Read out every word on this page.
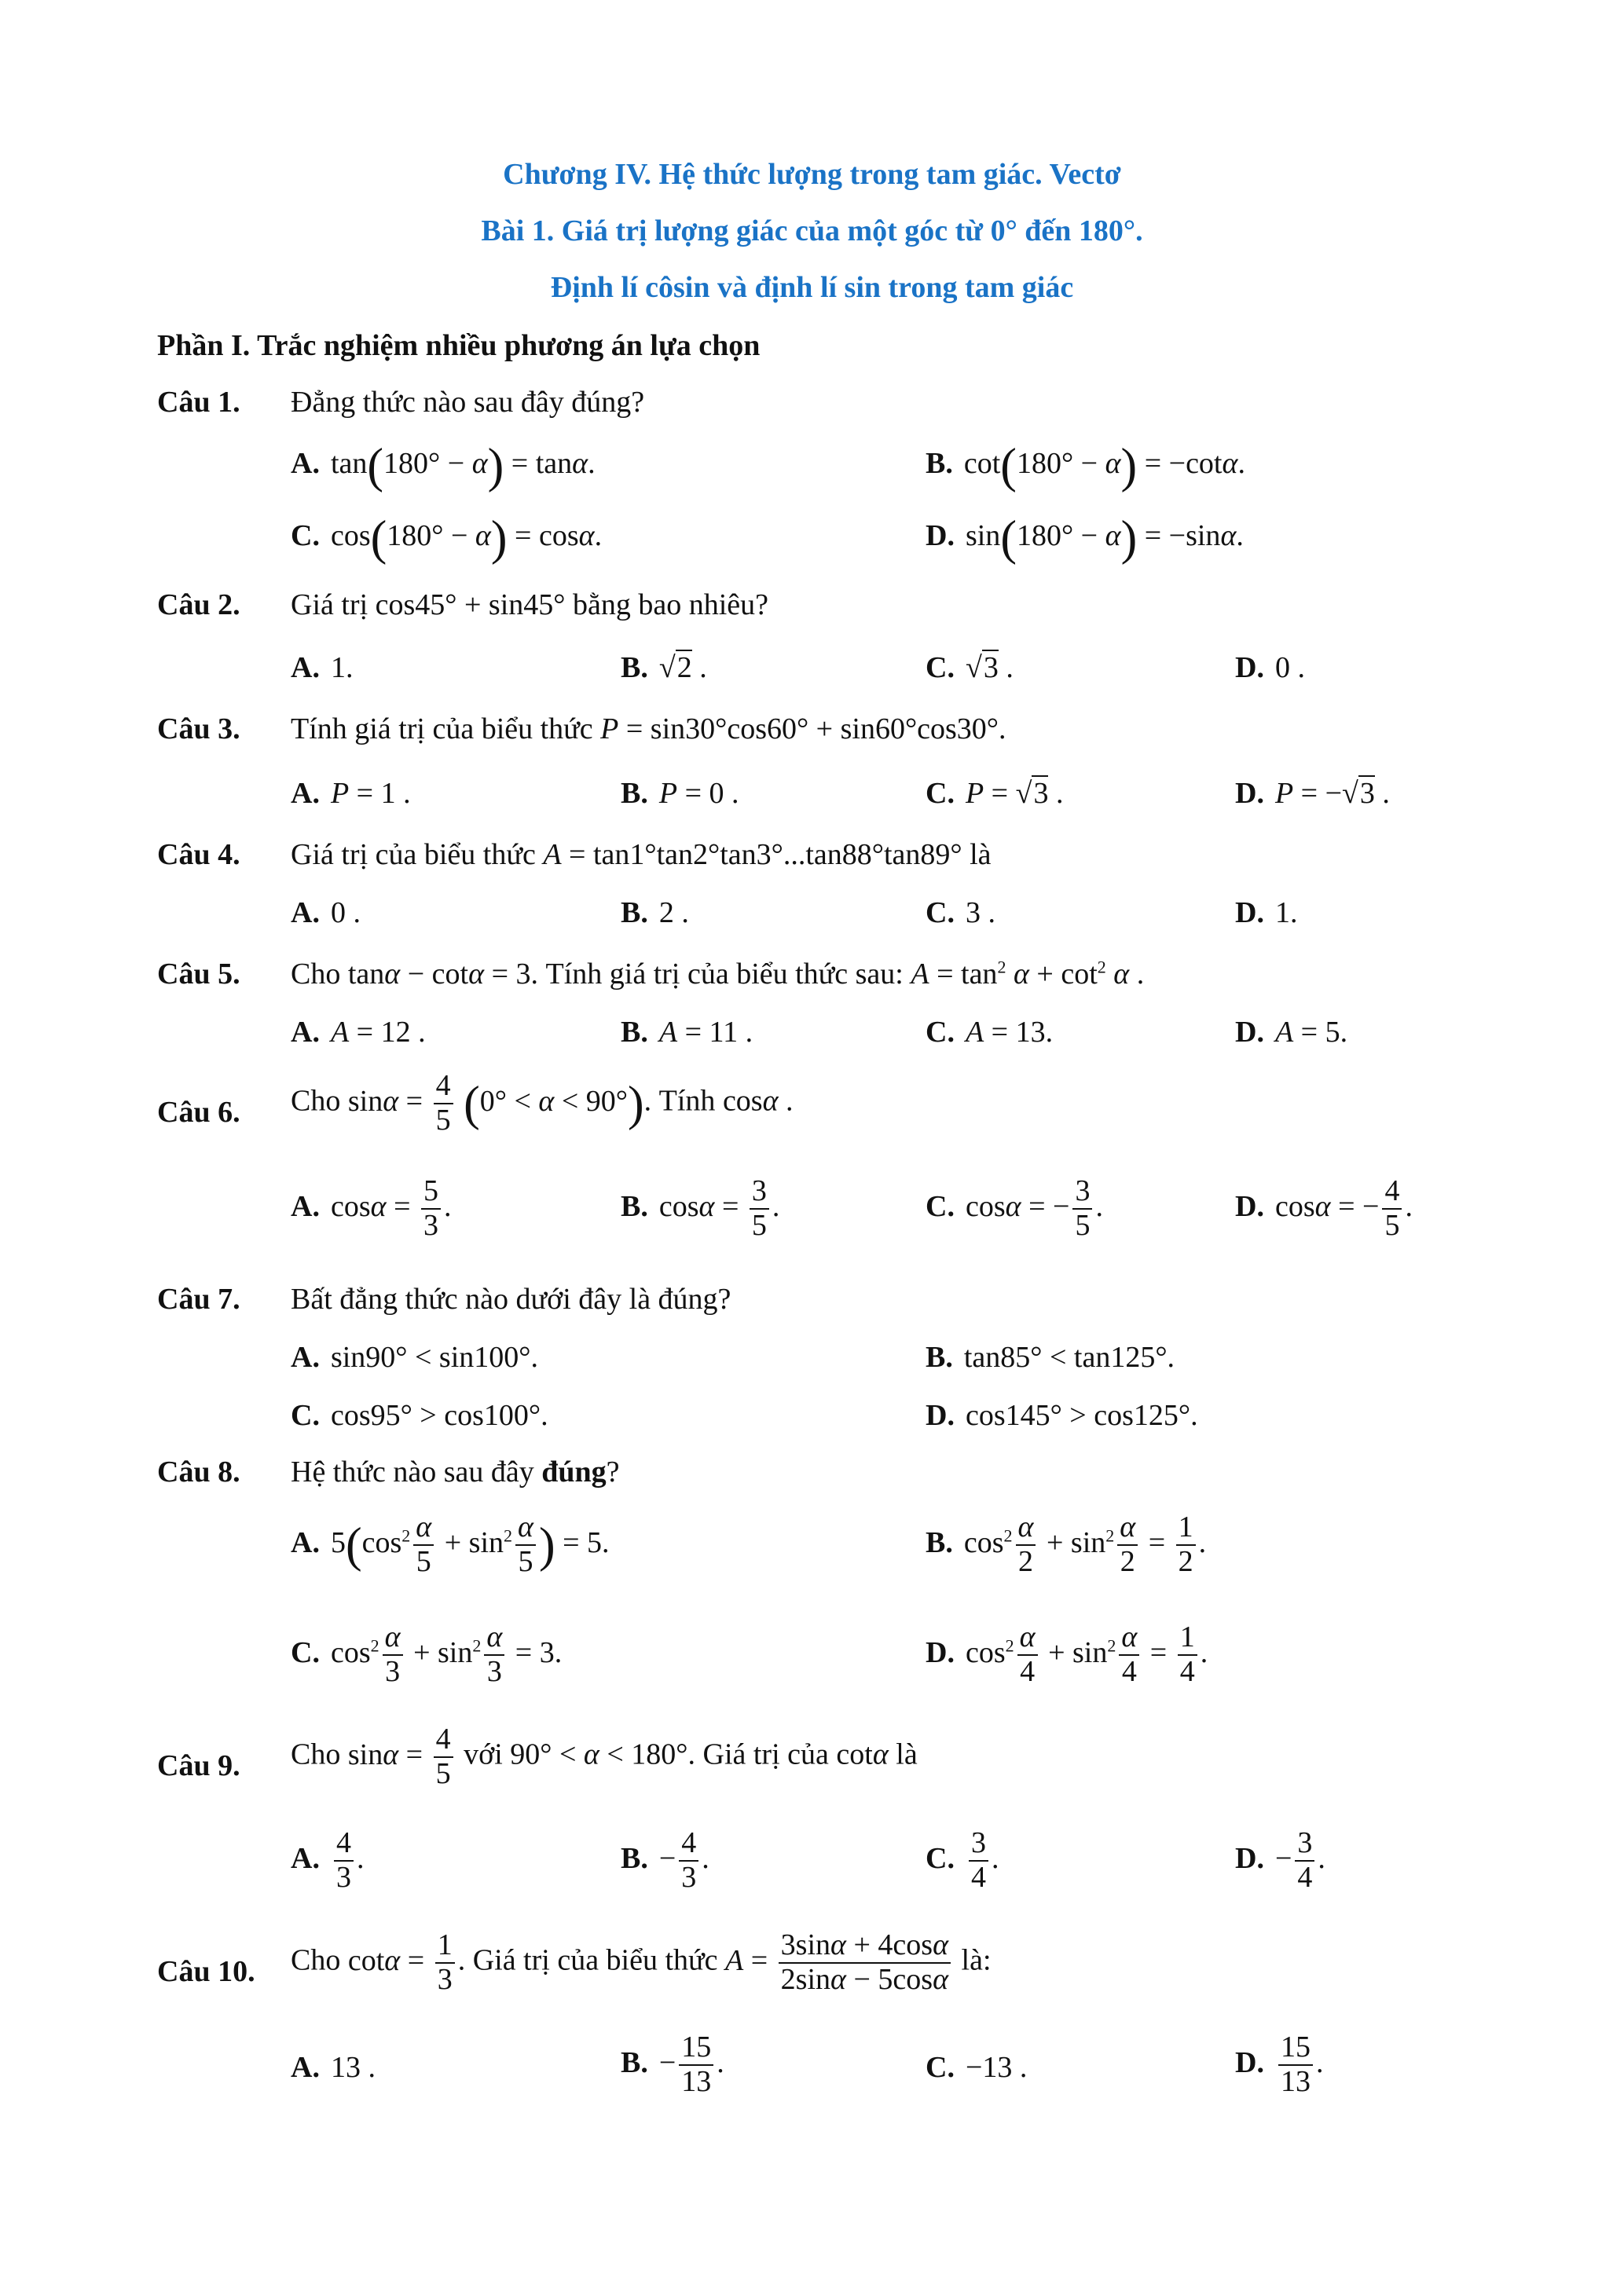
Chương IV. Hệ thức lượng trong tam giác. Vectơ
Bài 1. Giá trị lượng giác của một góc từ 0° đến 180°.
Định lí côsin và định lí sin trong tam giác
Phần I. Trắc nghiệm nhiều phương án lựa chọn
Câu 1. Đẳng thức nào sau đây đúng?
A. tan(180° − α) = tanα.	B. cot(180° − α) = −cotα.
C. cos(180° − α) = cosα.	D. sin(180° − α) = −sinα.
Câu 2. Giá trị cos45° + sin45° bằng bao nhiêu?
A. 1.	B. √2 .	C. √3 .	D. 0 .
Câu 3. Tính giá trị của biểu thức P = sin30°cos60° + sin60°cos30°.
A. P = 1 .	B. P = 0 .	C. P = √3 .	D. P = −√3 .
Câu 4. Giá trị của biểu thức A = tan1°tan2°tan3°...tan88°tan89° là
A. 0 .	B. 2 .	C. 3 .	D. 1.
Câu 5. Cho tanα − cotα = 3. Tính giá trị của biểu thức sau: $A = \tan^2 \alpha + \cot^2 \alpha$ .
A. A = 12 .	B. A = 11 .	C. A = 13.	D. A = 5.
Câu 6. Cho $\sin\alpha = \frac{4}{5} (0^\circ < \alpha < 90^\circ)$. Tính cosα .
A. $\cos\alpha = \frac{5}{3}$ .	B. $\cos\alpha = \frac{3}{5}$ .	C. cosα = − $\frac{3}{5}$ .	D. cosα = − $\frac{4}{5}$ .
Câu 7. Bất đẳng thức nào dưới đây là đúng?
A. sin90° < sin100°.	B. tan85° < tan125°.
C. cos95° > cos100°.	D. cos145° > cos125°.
Câu 8. Hệ thức nào sau đây đúng?
A. $5(\cos^2 \frac{\alpha}{5} + \sin^2 \frac{\alpha}{5}$ ) = 5.	B. $\cos^2 \frac{\alpha}{2} + \sin^2 \frac{\alpha}{2} = \frac{1}{2}$ .
C. $\cos^2 \frac{\alpha}{3} + \sin^2 \frac{\alpha}{3} = 3$.	D. $\cos^2 \frac{\alpha}{4} + \sin^2 \frac{\alpha}{4} = \frac{1}{4}$ .
Câu 9. Cho $\sin\alpha = \frac{4}{5}$ với 90° < α < 180°. Giá trị của cotα là
A. $\frac{4}{3}$ .	B. − $\frac{4}{3}$ .	C. $\frac{3}{4}$ .	D. − $\frac{3}{4}$ .
Câu 10. Cho $\cot\alpha = \frac{1}{3}$ . Giá trị của biểu thức $A = \frac{3\sin\alpha + 4\cos\alpha}{2\sin\alpha - 5\cos\alpha}$ là:
A. 13 .	B. − $\frac{15}{13}$ .	C. −13 .	D. $\frac{15}{13}$ .
